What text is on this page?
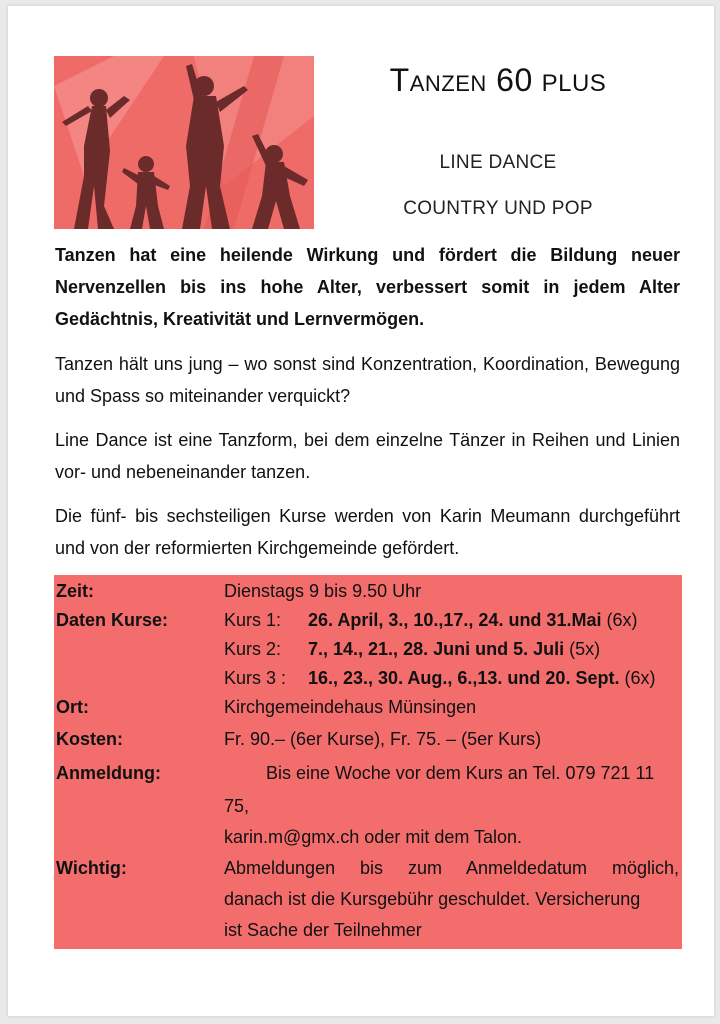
Tanzen 60 PLUS
LINE DANCE
COUNTRY UND POP

Tanzen hat eine heilende Wirkung und fördert die Bildung neuer Nervenzellen bis ins hohe Alter, verbessert somit in jedem Alter Gedächtnis, Kreativität und Lernvermögen.

Tanzen hält uns jung – wo sonst sind Konzentration, Koordination, Bewegung und Spass so miteinander verquickt?

Line Dance ist eine Tanzform, bei dem einzelne Tänzer in Reihen und Linien vor- und nebeneinander tanzen.

Die fünf- bis sechsteiligen Kurse werden von Karin Meumann durchgeführt und von der reformierten Kirchgemeinde gefördert.

Zeit:	Dienstags 9 bis 9.50 Uhr
Daten Kurse:	Kurs 1: 26. April, 3., 10.,17., 24. und 31.Mai (6x)
Kurs 2: 7., 14., 21., 28. Juni und 5. Juli (5x)
Kurs 3 : 16., 23., 30. Aug., 6.,13. und 20. Sept. (6x)
Ort:	Kirchgemeindehaus Münsingen
Kosten:	Fr. 90.– (6er Kurse), Fr. 75. – (5er Kurs)
Anmeldung:	Bis eine Woche vor dem Kurs an Tel. 079 721 11
75,
karin.m@gmx.ch oder mit dem Talon.
Wichtig:	Abmeldungen bis zum Anmeldedatum möglich,
danach ist die Kursgebühr geschuldet. Versicherung
ist Sache der Teilnehmer
